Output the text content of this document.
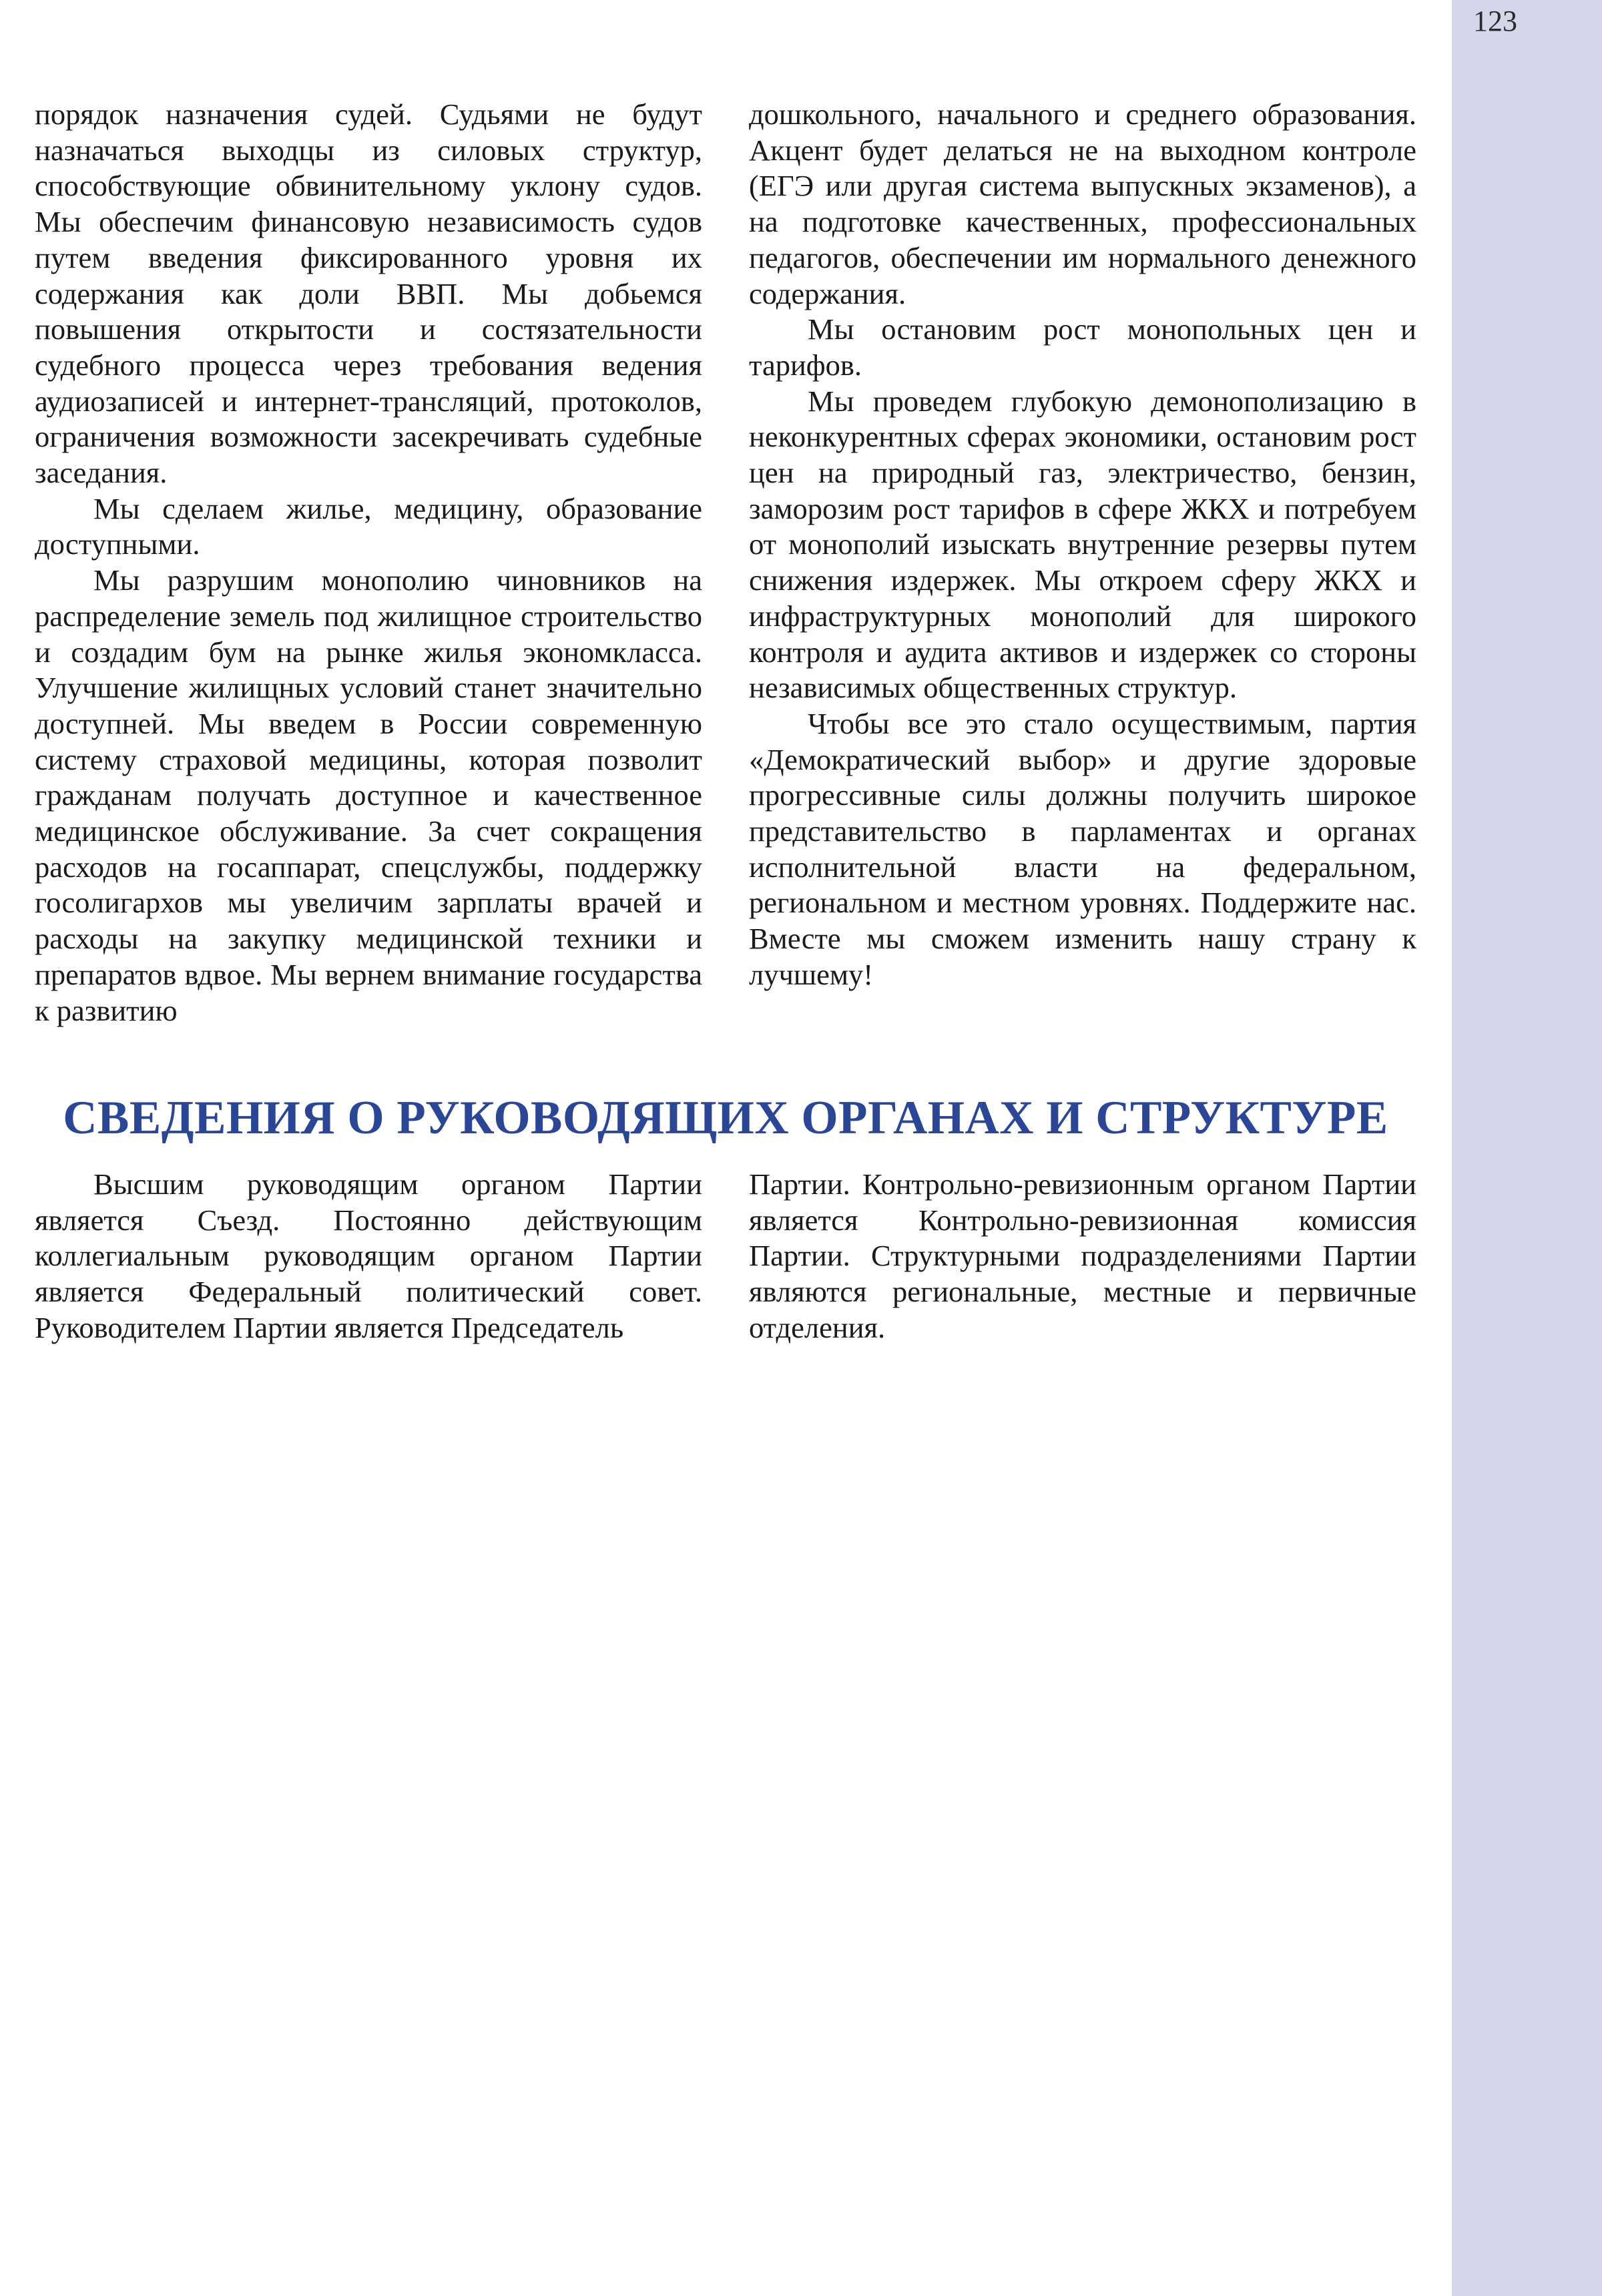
123

порядок назначения судей. Судьями не будут назначаться выходцы из силовых структур, способствующие обвинительному уклону судов. Мы обеспечим финансовую независимость судов путем введения фиксированного уровня их содержания как доли ВВП. Мы добьемся повышения открытости и состязательности судебного процесса через требования ведения аудиозаписей и интернет-трансляций, протоколов, ограничения возможности засекречивать судебные заседания.

Мы сделаем жилье, медицину, образование доступными.

Мы разрушим монополию чиновников на распределение земель под жилищное строительство и создадим бум на рынке жилья экономкласса. Улучшение жилищных условий станет значительно доступней. Мы введем в России современную систему страховой медицины, которая позволит гражданам получать доступное и качественное медицинское обслуживание. За счет сокращения расходов на госаппарат, спецслужбы, поддержку госолигархов мы увеличим зарплаты врачей и расходы на закупку медицинской техники и препаратов вдвое. Мы вернем внимание государства к развитию

дошкольного, начального и среднего образования. Акцент будет делаться не на выходном контроле (ЕГЭ или другая система выпускных экзаменов), а на подготовке качественных, профессиональных педагогов, обеспечении им нормального денежного содержания.

Мы остановим рост монопольных цен и тарифов.

Мы проведем глубокую демонополизацию в неконкурентных сферах экономики, остановим рост цен на природный газ, электричество, бензин, заморозим рост тарифов в сфере ЖКХ и потребуем от монополий изыскать внутренние резервы путем снижения издержек. Мы откроем сферу ЖКХ и инфраструктурных монополий для широкого контроля и аудита активов и издержек со стороны независимых общественных структур.

Чтобы все это стало осуществимым, партия «Демократический выбор» и другие здоровые прогрессивные силы должны получить широкое представительство в парламентах и органах исполнительной власти на федеральном, региональном и местном уровнях. Поддержите нас. Вместе мы сможем изменить нашу страну к лучшему!

СВЕДЕНИЯ О РУКОВОДЯЩИХ ОРГАНАХ И СТРУКТУРЕ

Высшим руководящим органом Партии является Съезд. Постоянно действующим коллегиальным руководящим органом Партии является Федеральный политический совет. Руководителем Партии является Председатель

Партии. Контрольно-ревизионным органом Партии является Контрольно-ревизионная комиссия Партии. Структурными подразделениями Партии являются региональные, местные и первичные отделения.
